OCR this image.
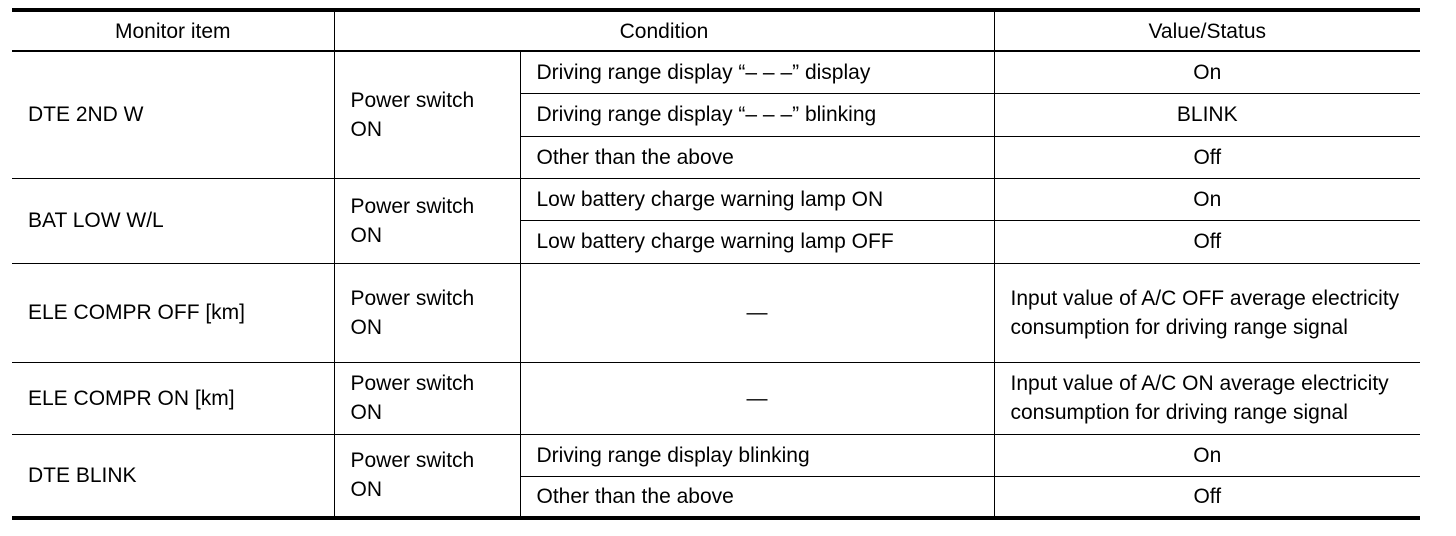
Monitor item	Condition		Value/Status
DTE 2ND W	Power switch ON	Driving range display “– – –” display	On
		Driving range display “– – –” blinking	BLINK
		Other than the above	Off
BAT LOW W/L	Power switch ON	Low battery charge warning lamp ON	On
		Low battery charge warning lamp OFF	Off
ELE COMPR OFF [km]	Power switch ON	—	Input value of A/C OFF average electricity consumption for driving range signal
ELE COMPR ON [km]	Power switch ON	—	Input value of A/C ON average electricity consumption for driving range signal
DTE BLINK	Power switch ON	Driving range display blinking	On
		Other than the above	Off
